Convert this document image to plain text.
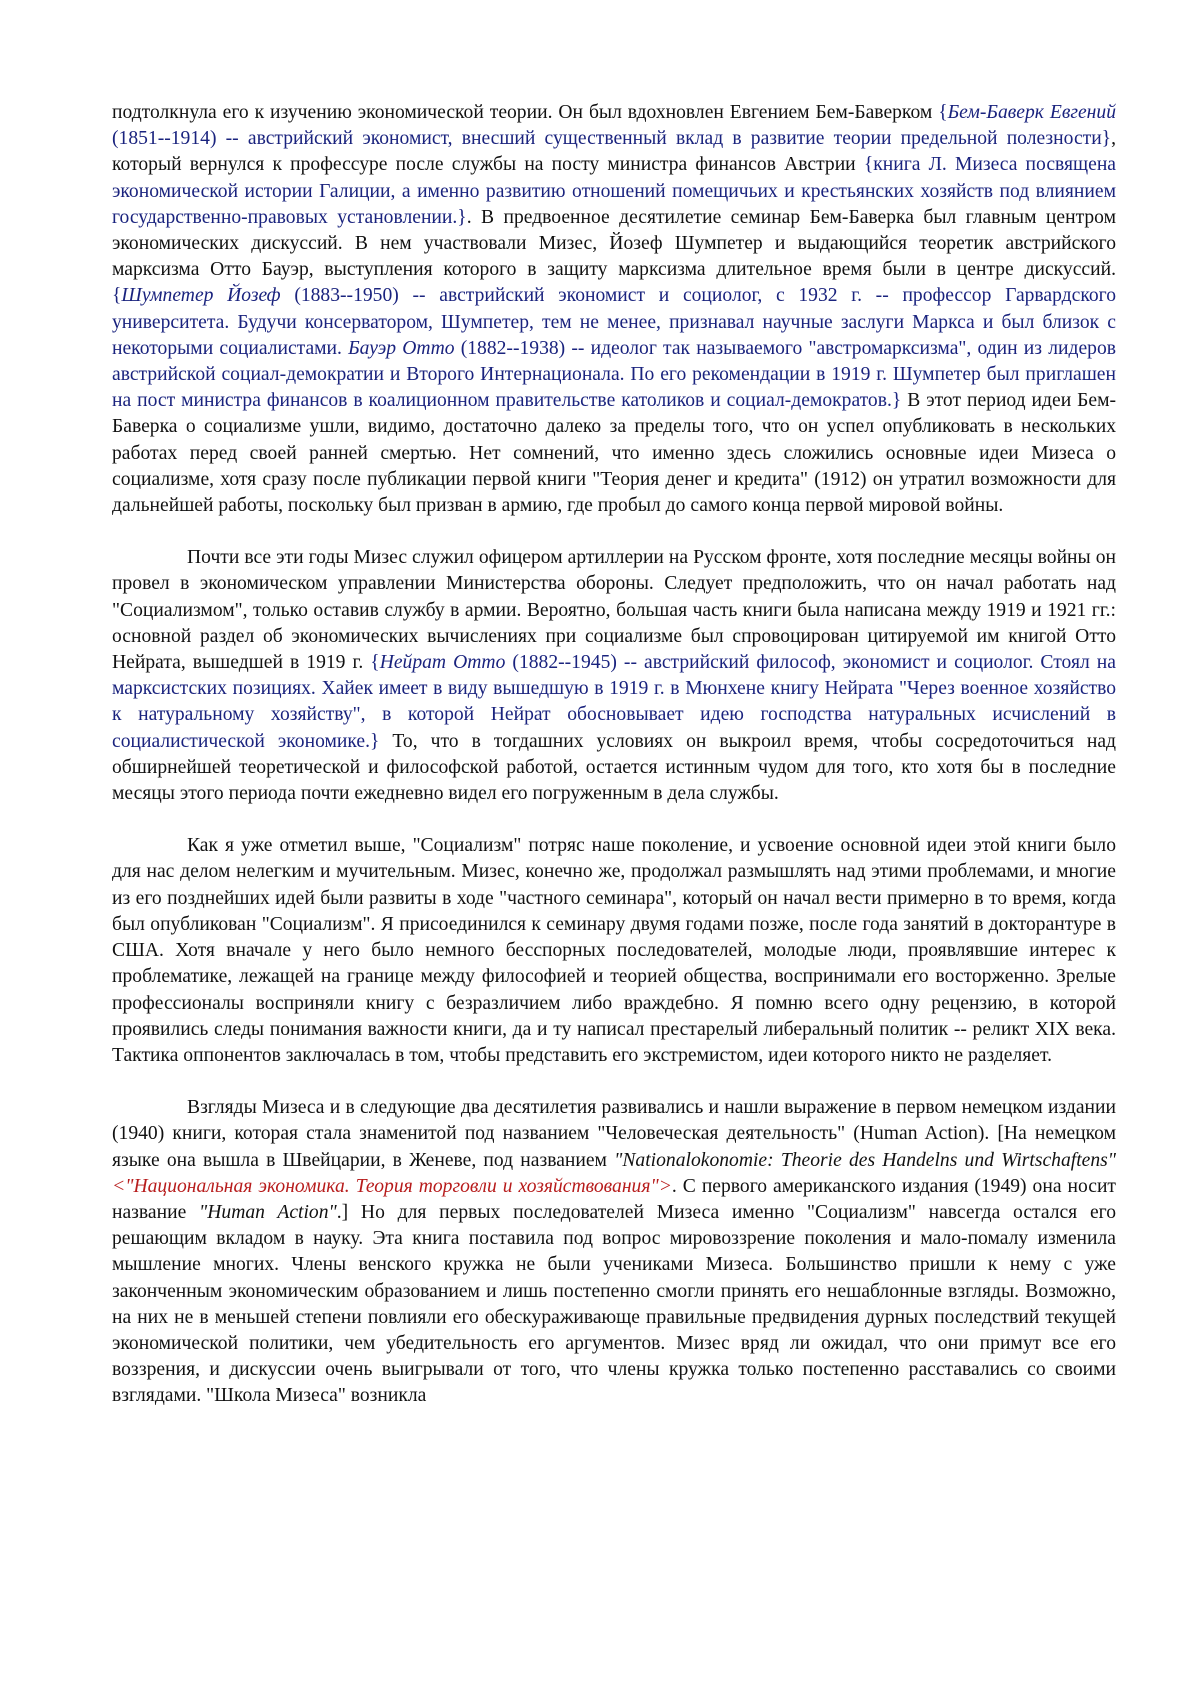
подтолкнула его к изучению экономической теории. Он был вдохновлен Евгением Бем-Баверком {Бем-Баверк Евгений (1851--1914) -- австрийский экономист, внесший существенный вклад в развитие теории предельной полезности}, который вернулся к профессуре после службы на посту министра финансов Австрии {книга Л. Мизеса посвящена экономической истории Галиции, а именно развитию отношений помещичьих и крестьянских хозяйств под влиянием государственно-правовых установлении.}. В предвоенное десятилетие семинар Бем-Баверка был главным центром экономических дискуссий. В нем участвовали Мизес, Йозеф Шумпетер и выдающийся теоретик австрийского марксизма Отто Бауэр, выступления которого в защиту марксизма длительное время были в центре дискуссий. {Шумпетер Йозеф (1883--1950) -- австрийский экономист и социолог, с 1932 г. -- профессор Гарвардского университета. Будучи консерватором, Шумпетер, тем не менее, признавал научные заслуги Маркса и был близок с некоторыми социалистами. Бауэр Отто (1882--1938) -- идеолог так называемого "австромарксизма", один из лидеров австрийской социал-демократии и Второго Интернационала. По его рекомендации в 1919 г. Шумпетер был приглашен на пост министра финансов в коалиционном правительстве католиков и социал-демократов.} В этот период идеи Бем-Баверка о социализме ушли, видимо, достаточно далеко за пределы того, что он успел опубликовать в нескольких работах перед своей ранней смертью. Нет сомнений, что именно здесь сложились основные идеи Мизеса о социализме, хотя сразу после публикации первой книги "Теория денег и кредита" (1912) он утратил возможности для дальнейшей работы, поскольку был призван в армию, где пробыл до самого конца первой мировой войны.

Почти все эти годы Мизес служил офицером артиллерии на Русском фронте, хотя последние месяцы войны он провел в экономическом управлении Министерства обороны. Следует предположить, что он начал работать над "Социализмом", только оставив службу в армии. Вероятно, большая часть книги была написана между 1919 и 1921 гг.: основной раздел об экономических вычислениях при социализме был спровоцирован цитируемой им книгой Отто Нейрата, вышедшей в 1919 г. {Нейрат Отто (1882--1945) -- австрийский философ, экономист и социолог. Стоял на марксистских позициях. Хайек имеет в виду вышедшую в 1919 г. в Мюнхене книгу Нейрата "Через военное хозяйство к натуральному хозяйству", в которой Нейрат обосновывает идею господства натуральных исчислений в социалистической экономике.} То, что в тогдашних условиях он выкроил время, чтобы сосредоточиться над обширнейшей теоретической и философской работой, остается истинным чудом для того, кто хотя бы в последние месяцы этого периода почти ежедневно видел его погруженным в дела службы.

Как я уже отметил выше, "Социализм" потряс наше поколение, и усвоение основной идеи этой книги было для нас делом нелегким и мучительным. Мизес, конечно же, продолжал размышлять над этими проблемами, и многие из его позднейших идей были развиты в ходе "частного семинара", который он начал вести примерно в то время, когда был опубликован "Социализм". Я присоединился к семинару двумя годами позже, после года занятий в докторантуре в США. Хотя вначале у него было немного бесспорных последователей, молодые люди, проявлявшие интерес к проблематике, лежащей на границе между философией и теорией общества, воспринимали его восторженно. Зрелые профессионалы восприняли книгу с безразличием либо враждебно. Я помню всего одну рецензию, в которой проявились следы понимания важности книги, да и ту написал престарелый либеральный политик -- реликт XIX века. Тактика оппонентов заключалась в том, чтобы представить его экстремистом, идеи которого никто не разделяет.

Взгляды Мизеса и в следующие два десятилетия развивались и нашли выражение в первом немецком издании (1940) книги, которая стала знаменитой под названием "Человеческая деятельность" (Human Action). [На немецком языке она вышла в Швейцарии, в Женеве, под названием "Nationalokonomie: Theorie des Handelns und Wirtschaftens" <"Национальная экономика. Теория торговли и хозяйствования">. С первого американского издания (1949) она носит название "Human Action".] Но для первых последователей Мизеса именно "Социализм" навсегда остался его решающим вкладом в науку. Эта книга поставила под вопрос мировоззрение поколения и мало-помалу изменила мышление многих. Члены венского кружка не были учениками Мизеса. Большинство пришли к нему с уже законченным экономическим образованием и лишь постепенно смогли принять его нешаблонные взгляды. Возможно, на них не в меньшей степени повлияли его обескураживающе правильные предвидения дурных последствий текущей экономической политики, чем убедительность его аргументов. Мизес вряд ли ожидал, что они примут все его воззрения, и дискуссии очень выигрывали от того, что члены кружка только постепенно расставались со своими взглядами. "Школа Мизеса" возникла
